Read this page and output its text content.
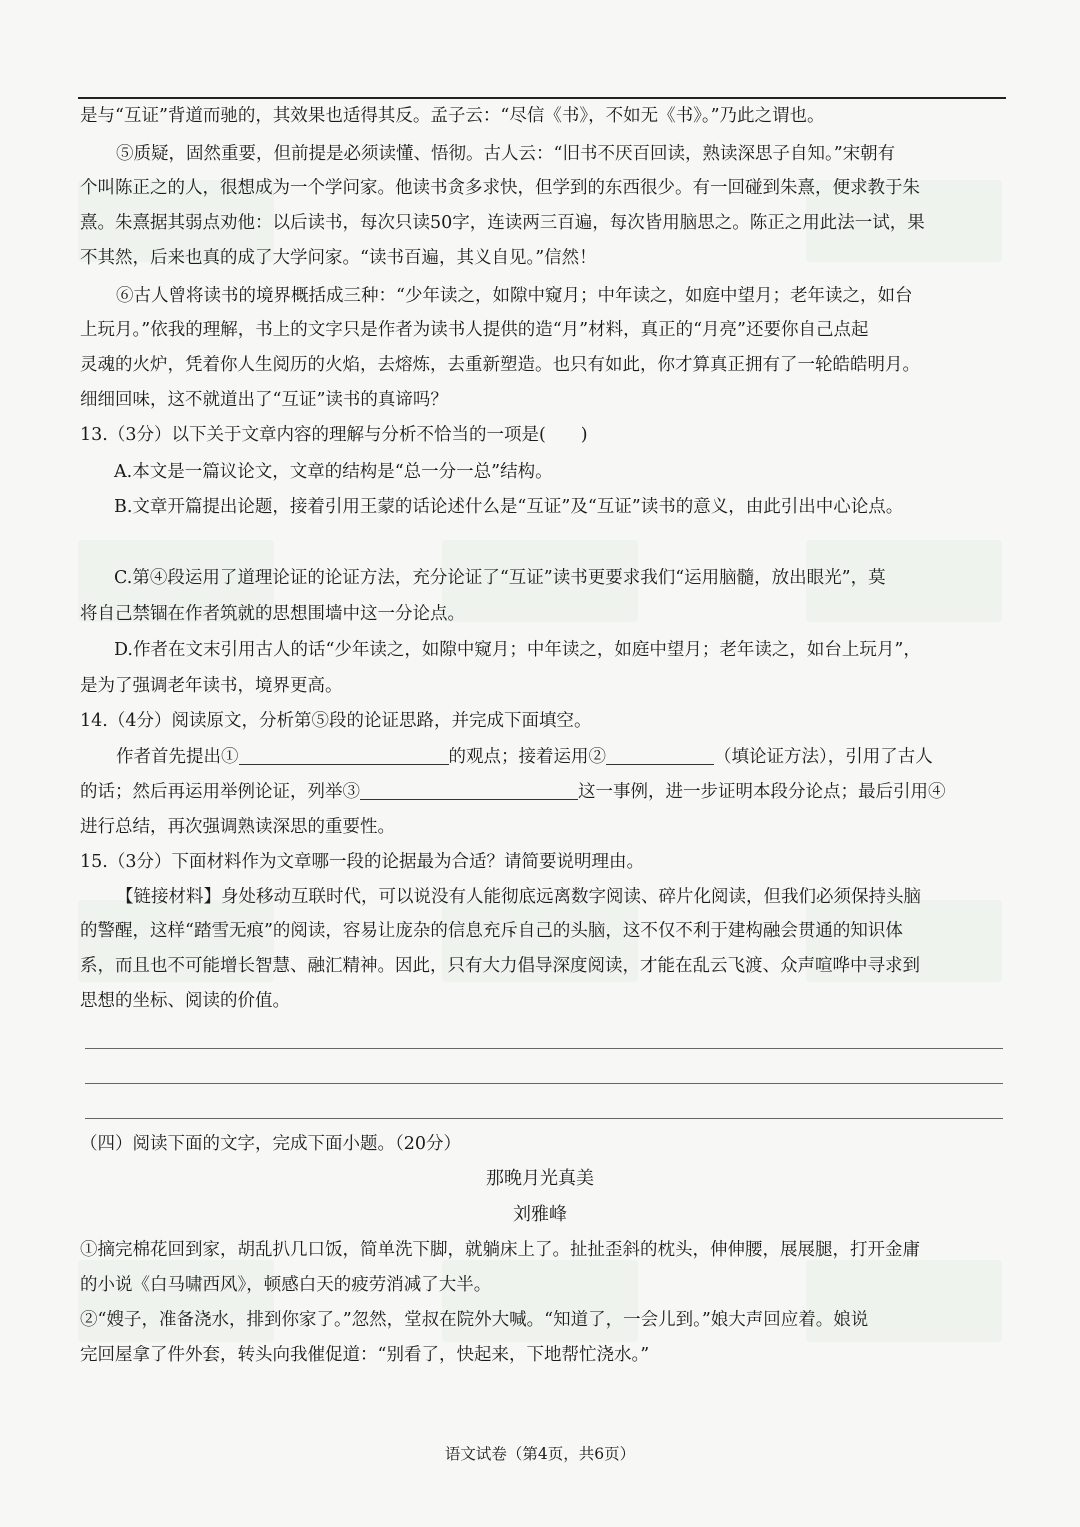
是与“互证”背道而驰的，其效果也适得其反。孟子云：“尽信《书》，不如无《书》。”乃此之谓也。
⑤质疑，固然重要，但前提是必须读懂、悟彻。古人云：“旧书不厌百回读，熟读深思子自知。”宋朝有
个叫陈正之的人，很想成为一个学问家。他读书贪多求快，但学到的东西很少。有一回碰到朱熹，便求教于朱
熹。朱熹据其弱点劝他：以后读书，每次只读50字，连读两三百遍，每次皆用脑思之。陈正之用此法一试，果
不其然，后来也真的成了大学问家。“读书百遍，其义自见。”信然！
⑥古人曾将读书的境界概括成三种：“少年读之，如隙中窥月；中年读之，如庭中望月；老年读之，如台
上玩月。”依我的理解，书上的文字只是作者为读书人提供的造“月”材料，真正的“月亮”还要你自己点起
灵魂的火炉，凭着你人生阅历的火焰，去熔炼，去重新塑造。也只有如此，你才算真正拥有了一轮皓皓明月。
细细回味，这不就道出了“互证”读书的真谛吗？
13.（3分）以下关于文章内容的理解与分析不恰当的一项是(　　)
A.本文是一篇议论文，文章的结构是“总一分一总”结构。
B.文章开篇提出论题，接着引用王蒙的话论述什么是“互证”及“互证”读书的意义，由此引出中心论点。
C.第④段运用了道理论证的论证方法，充分论证了“互证”读书更要求我们“运用脑髓，放出眼光”，莫
将自己禁锢在作者筑就的思想围墙中这一分论点。
D.作者在文末引用古人的话“少年读之，如隙中窥月；中年读之，如庭中望月；老年读之，如台上玩月”，
是为了强调老年读书，境界更高。
14.（4分）阅读原文，分析第⑤段的论证思路，并完成下面填空。
作者首先提出①	的观点；接着运用②	（填论证方法），引用了古人
的话；然后再运用举例论证，列举③	这一事例，进一步证明本段分论点；最后引用④
进行总结，再次强调熟读深思的重要性。
15.（3分）下面材料作为文章哪一段的论据最为合适？请简要说明理由。
【链接材料】身处移动互联时代，可以说没有人能彻底远离数字阅读、碎片化阅读，但我们必须保持头脑
的警醒，这样“踏雪无痕”的阅读，容易让庞杂的信息充斥自己的头脑，这不仅不利于建构融会贯通的知识体
系，而且也不可能增长智慧、融汇精神。因此，只有大力倡导深度阅读，才能在乱云飞渡、众声喧哗中寻求到
思想的坐标、阅读的价值。
（四）阅读下面的文字，完成下面小题。（20分）
那晚月光真美
刘雅峰
①摘完棉花回到家，胡乱扒几口饭，简单洗下脚，就躺床上了。扯扯歪斜的枕头，伸伸腰，展展腿，打开金庸
的小说《白马啸西风》，顿感白天的疲劳消减了大半。
②“嫂子，准备浇水，排到你家了。”忽然，堂叔在院外大喊。“知道了，一会儿到。”娘大声回应着。娘说
完回屋拿了件外套，转头向我催促道：“别看了，快起来，下地帮忙浇水。”
语文试卷（第4页，共6页）
